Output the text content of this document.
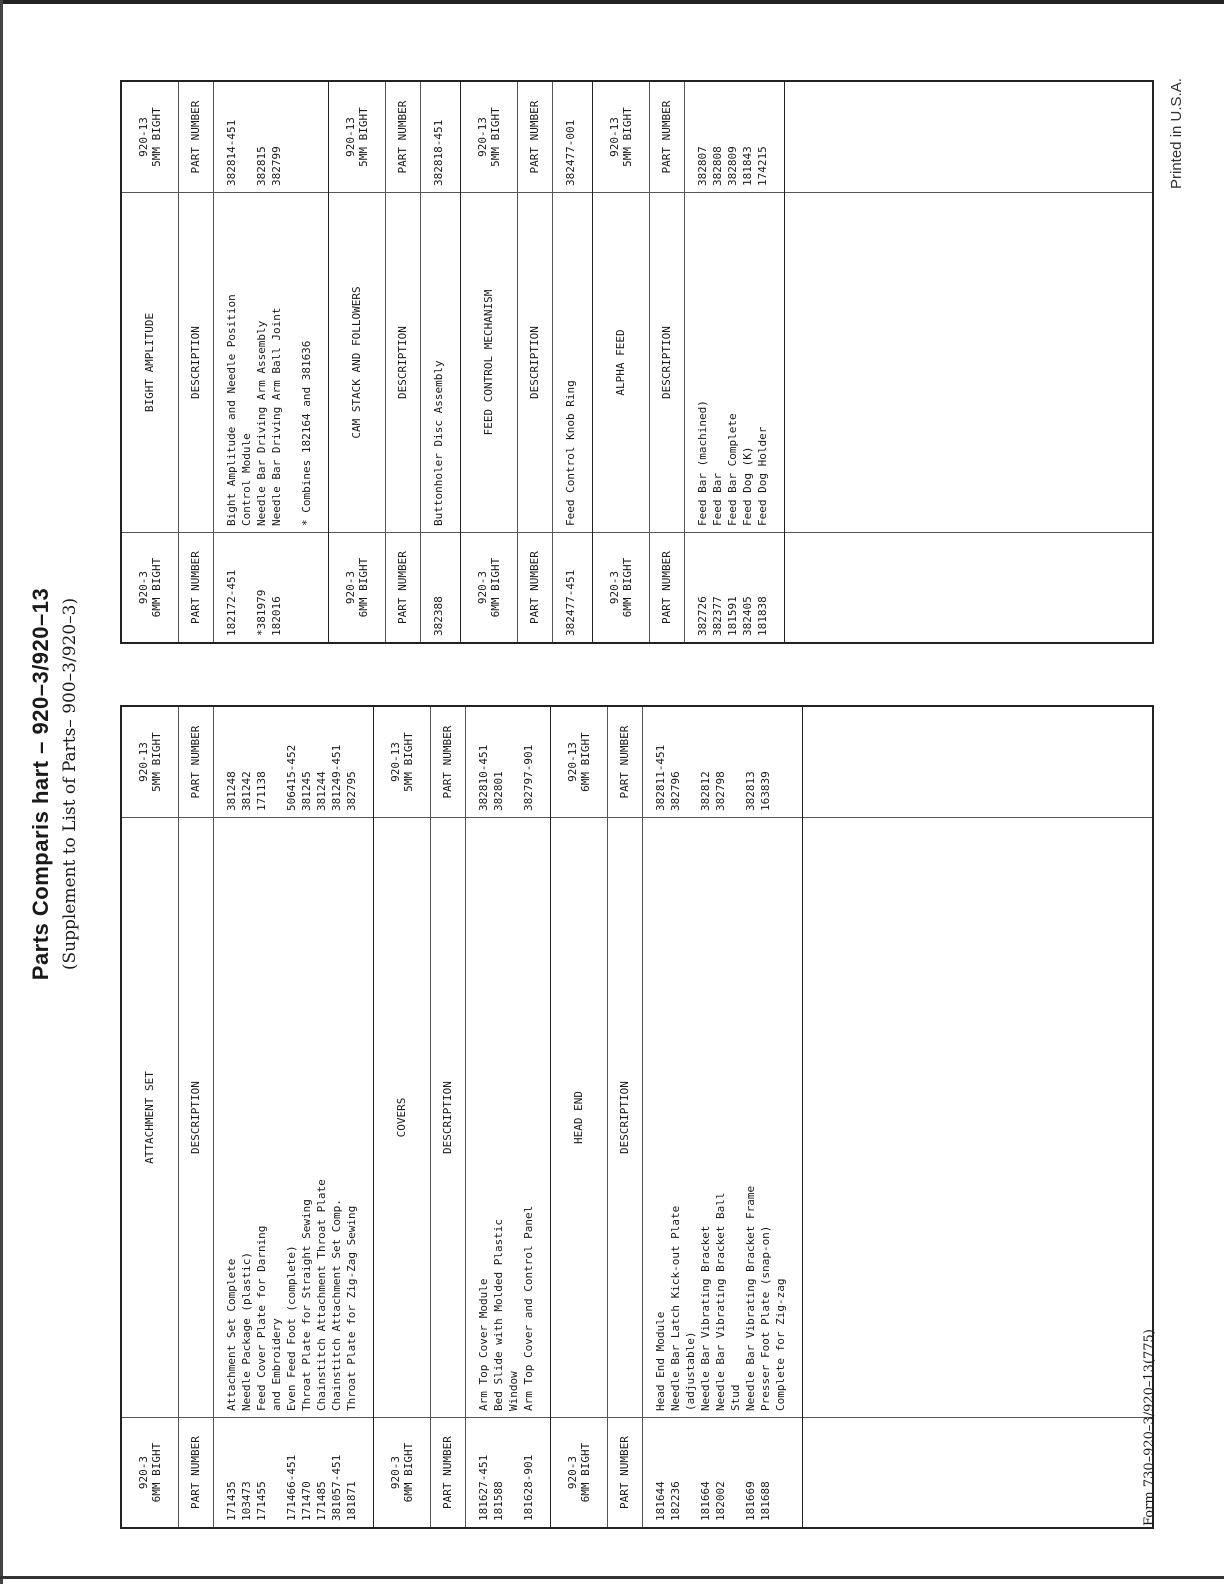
Parts Comparis hart – 920–3/920–13 (Supplement to List of Parts– 900–3/920–3)
920-3
6MM BIGHT
ATTACHMENT SET
920-13
5MM BIGHT
PART NUMBER
DESCRIPTION
PART NUMBER
171435 103473 171455
171466-451 171470 171485 381057-451 181871
Attachment Set Complete Needle Package (plastic) Feed Cover Plate for Darning and Embroidery Even Feed Foot (complete) Throat Plate for Straight Sewing Chainstitch Attachment Throat Plate Chainstitch Attachment Set Comp. Throat Plate for Zig-Zag Sewing
381248 381242 171138
506415-452 381245 381244 381249-451 382795
920-3
6MM BIGHT
COVERS
920-13
5MM BIGHT
PART NUMBER
DESCRIPTION
PART NUMBER
181627-451 181588
181628-901
Arm Top Cover Module Bed Slide with Molded Plastic Window Arm Top Cover and Control Panel
382810-451 382801
382797-901
920-3
6MM BIGHT
HEAD END
920-13
6MM BIGHT
PART NUMBER
DESCRIPTION
PART NUMBER
181644 182236
181664 182002
181669 181688

Head End Module Needle Bar Latch Kick-out Plate (adjustable) Needle Bar Vibrating Bracket Needle Bar Vibrating Bracket Ball Stud Needle Bar Vibrating Bracket Frame Presser Foot Plate (snap-on) Complete for Zig-zag
382811-451 382796
382812 382798
382813 163839

920-3
6MM BIGHT
BIGHT AMPLITUDE
920-13
5MM BIGHT
PART NUMBER
DESCRIPTION
PART NUMBER
182172-451
*381979 182016

Bight Amplitude and Needle Position Control Module Needle Bar Driving Arm Assembly Needle Bar Driving Arm Ball Joint
* Combines 182164 and 381636
382814-451
382815 382799

920-3
6MM BIGHT
CAM STACK AND FOLLOWERS
920-13
5MM BIGHT
PART NUMBER
DESCRIPTION
PART NUMBER
382388
Buttonholer Disc Assembly
382818-451
920-3
6MM BIGHT
FEED CONTROL MECHANISM
920-13
5MM BIGHT
PART NUMBER
DESCRIPTION
PART NUMBER
382477-451
Feed Control Knob Ring
382477-001
920-3
6MM BIGHT
ALPHA FEED
920-13
5MM BIGHT
PART NUMBER
DESCRIPTION
PART NUMBER
382726 382377 181591 382405 181838
Feed Bar (machined) Feed Bar Feed Bar Complete Feed Dog (K) Feed Dog Holder
382807 382808 382809 181843 174215
Form 730–920–3/920–13(775)
Printed in U.S.A.
